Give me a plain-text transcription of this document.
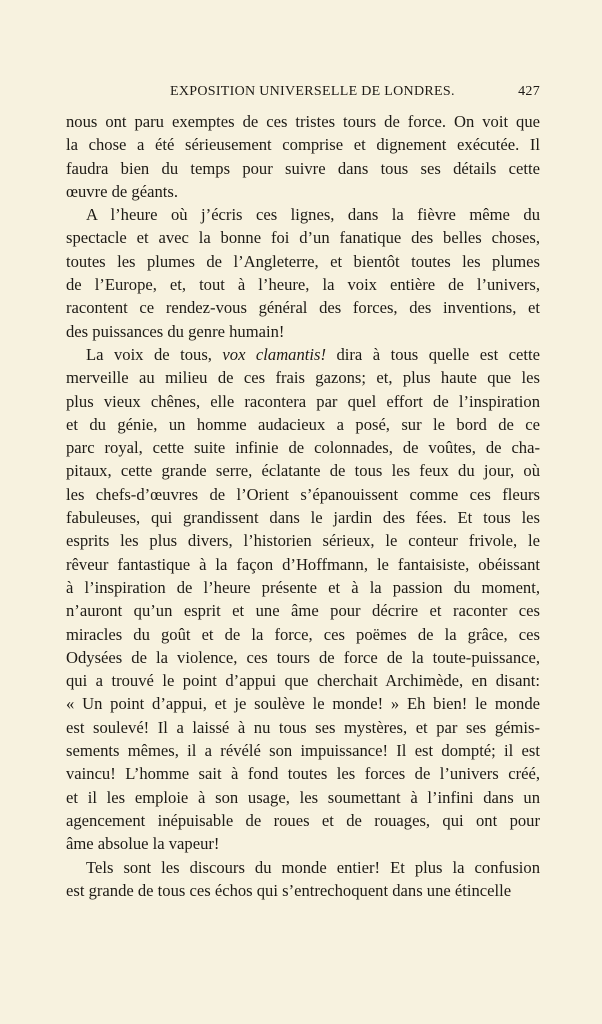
EXPOSITION UNIVERSELLE DE LONDRES.	427
nous ont paru exemptes de ces tristes tours de force. On voit que
la chose a été sérieusement comprise et dignement exécutée. Il
faudra bien du temps pour suivre dans tous ses détails cette
œuvre de géants.
A l’heure où j’écris ces lignes, dans la fièvre même du
spectacle et avec la bonne foi d’un fanatique des belles choses,
toutes les plumes de l’Angleterre, et bientôt toutes les plumes
de l’Europe, et, tout à l’heure, la voix entière de l’univers,
racontent ce rendez-vous général des forces, des inventions, et
des puissances du genre humain!
La voix de tous, vox clamantis! dira à tous quelle est cette
merveille au milieu de ces frais gazons; et, plus haute que les
plus vieux chênes, elle racontera par quel effort de l’inspiration
et du génie, un homme audacieux a posé, sur le bord de ce
parc royal, cette suite infinie de colonnades, de voûtes, de cha-
pitaux, cette grande serre, éclatante de tous les feux du jour, où
les chefs-d’œuvres de l’Orient s’épanouissent comme ces fleurs
fabuleuses, qui grandissent dans le jardin des fées. Et tous les
esprits les plus divers, l’historien sérieux, le conteur frivole, le
rêveur fantastique à la façon d’Hoffmann, le fantaisiste, obéissant
à l’inspiration de l’heure présente et à la passion du moment,
n’auront qu’un esprit et une âme pour décrire et raconter ces
miracles du goût et de la force, ces poëmes de la grâce, ces
Odysées de la violence, ces tours de force de la toute-puissance,
qui a trouvé le point d’appui que cherchait Archimède, en disant:
« Un point d’appui, et je soulève le monde! » Eh bien! le monde
est soulevé! Il a laissé à nu tous ses mystères, et par ses gémis-
sements mêmes, il a révélé son impuissance! Il est dompté; il est
vaincu! L’homme sait à fond toutes les forces de l’univers créé,
et il les emploie à son usage, les soumettant à l’infini dans un
agencement inépuisable de roues et de rouages, qui ont pour
âme absolue la vapeur!
Tels sont les discours du monde entier! Et plus la confusion
est grande de tous ces échos qui s’entrechoquent dans une étincelle
